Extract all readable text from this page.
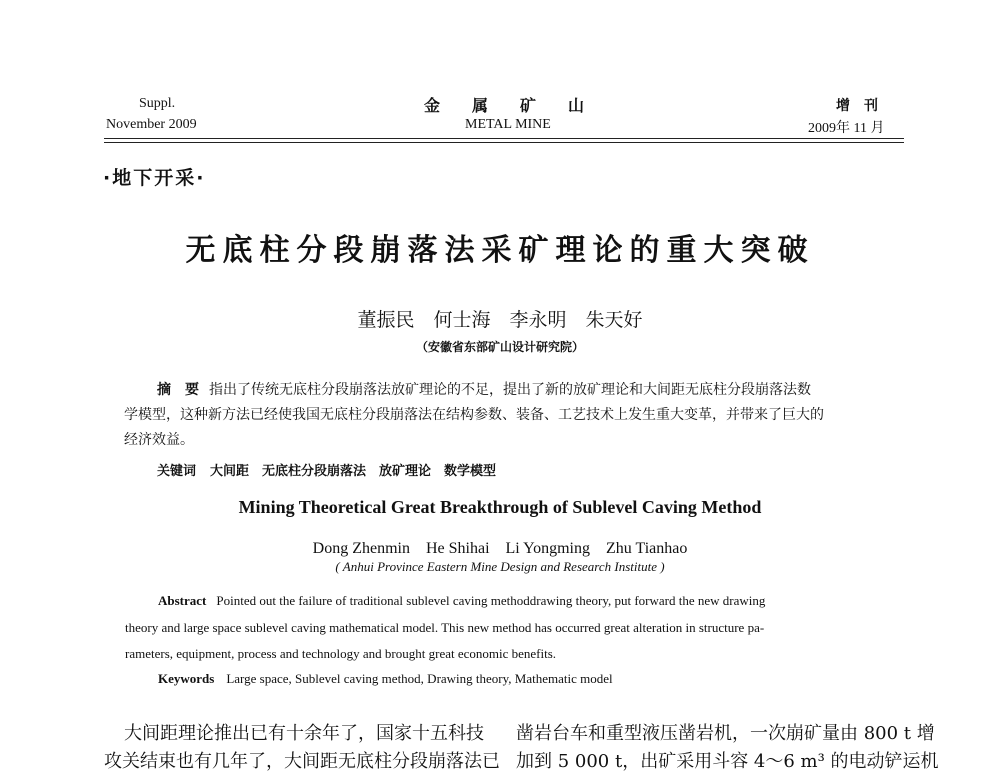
Suppl.
November 2009
金　　属　　矿　　山
METAL MINE
增　刊
2009年 11 月
·地下开采·
无底柱分段崩落法采矿理论的重大突破
董振民　何士海　李永明　朱天好
（安徽省东部矿山设计研究院）
摘　要 指出了传统无底柱分段崩落法放矿理论的不足，提出了新的放矿理论和大间距无底柱分段崩落法数
学模型，这种新方法已经使我国无底柱分段崩落法在结构参数、装备、工艺技术上发生重大变革，并带来了巨大的
经济效益。
关键词 大间距　无底柱分段崩落法　放矿理论　数学模型
Mining Theoretical Great Breakthrough of Sublevel Caving Method
Dong Zhenmin　He Shihai　Li Yongming　Zhu Tianhao
( Anhui Province Eastern Mine Design and Research Institute )
Abstract Pointed out the failure of traditional sublevel caving methoddrawing theory, put forward the new drawing
theory and large space sublevel caving mathematical model. This new method has occurred great alteration in structure pa-
rameters, equipment, process and technology and brought great economic benefits.
Keywords Large space, Sublevel caving method, Drawing theory, Mathematic model
大间距理论推出已有十余年了，国家十五科技
攻关结束也有几年了，大间距无底柱分段崩落法已
凿岩台车和重型液压凿岩机，一次崩矿量由 800 t 增
加到 5 000 t，出矿采用斗容 4～6 m³ 的电动铲运机
